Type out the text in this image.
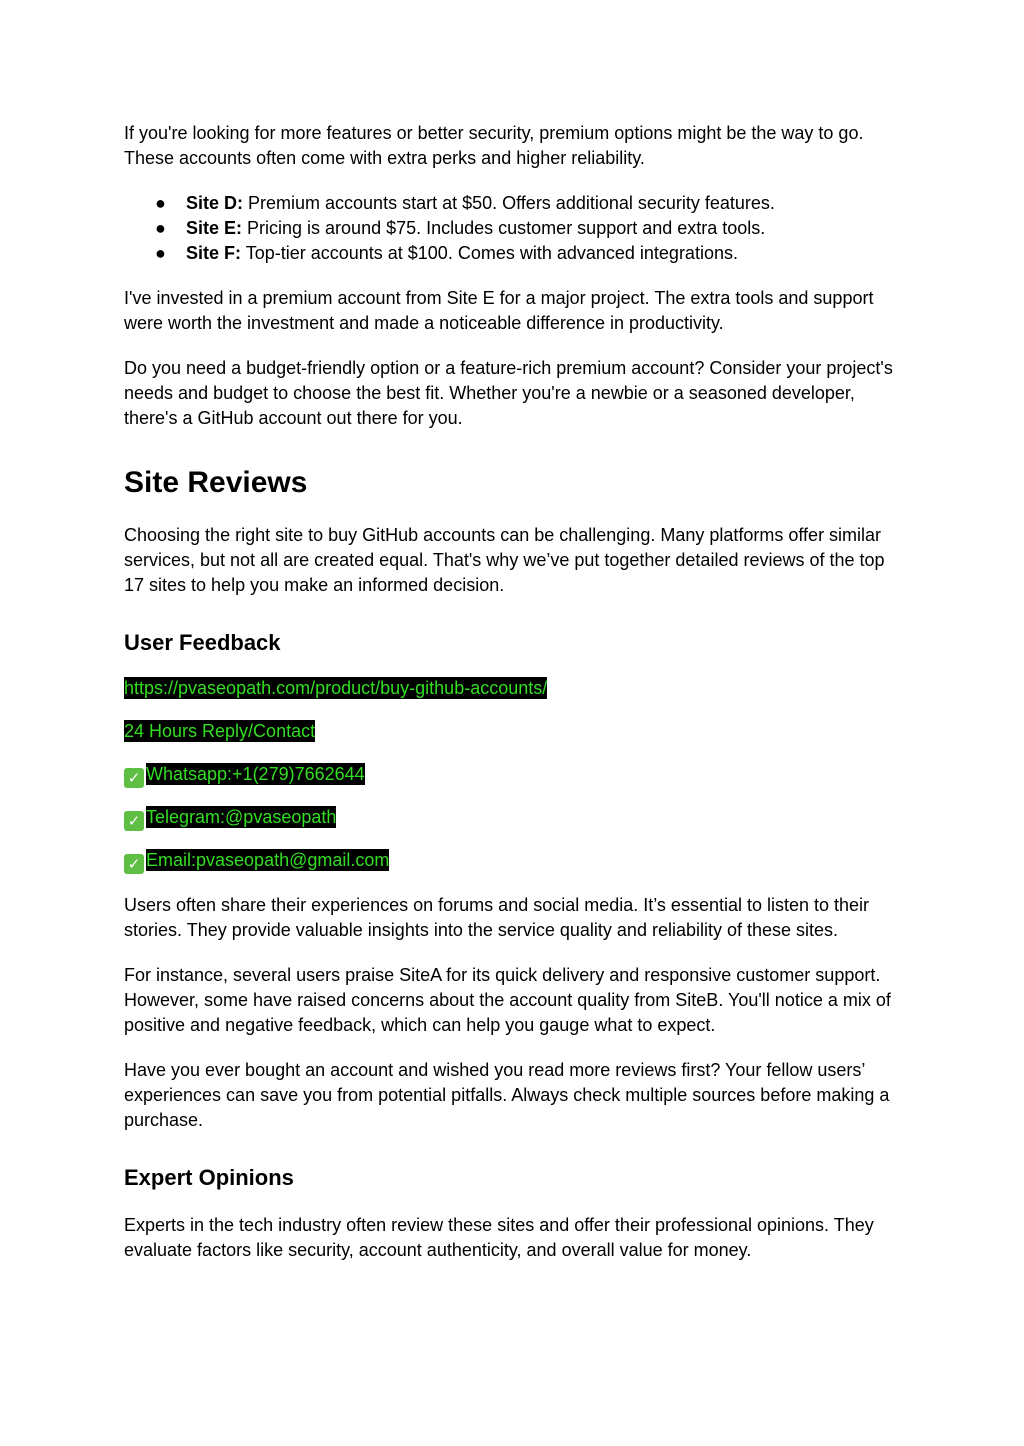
If you're looking for more features or better security, premium options might be the way to go. These accounts often come with extra perks and higher reliability.

● Site D: Premium accounts start at $50. Offers additional security features.
● Site E: Pricing is around $75. Includes customer support and extra tools.
● Site F: Top-tier accounts at $100. Comes with advanced integrations.

I've invested in a premium account from Site E for a major project. The extra tools and support were worth the investment and made a noticeable difference in productivity.

Do you need a budget-friendly option or a feature-rich premium account? Consider your project's needs and budget to choose the best fit. Whether you're a newbie or a seasoned developer, there's a GitHub account out there for you.

Site Reviews

Choosing the right site to buy GitHub accounts can be challenging. Many platforms offer similar services, but not all are created equal. That's why we’ve put together detailed reviews of the top 17 sites to help you make an informed decision.

User Feedback
https://pvaseopath.com/product/buy-github-accounts/
24 Hours Reply/Contact
✓ Whatsapp:+1(279)7662644
✓ Telegram:@pvaseopath
✓ Email:pvaseopath@gmail.com

Users often share their experiences on forums and social media. It’s essential to listen to their stories. They provide valuable insights into the service quality and reliability of these sites.

For instance, several users praise SiteA for its quick delivery and responsive customer support. However, some have raised concerns about the account quality from SiteB. You'll notice a mix of positive and negative feedback, which can help you gauge what to expect.

Have you ever bought an account and wished you read more reviews first? Your fellow users’ experiences can save you from potential pitfalls. Always check multiple sources before making a purchase.

Expert Opinions

Experts in the tech industry often review these sites and offer their professional opinions. They evaluate factors like security, account authenticity, and overall value for money.
